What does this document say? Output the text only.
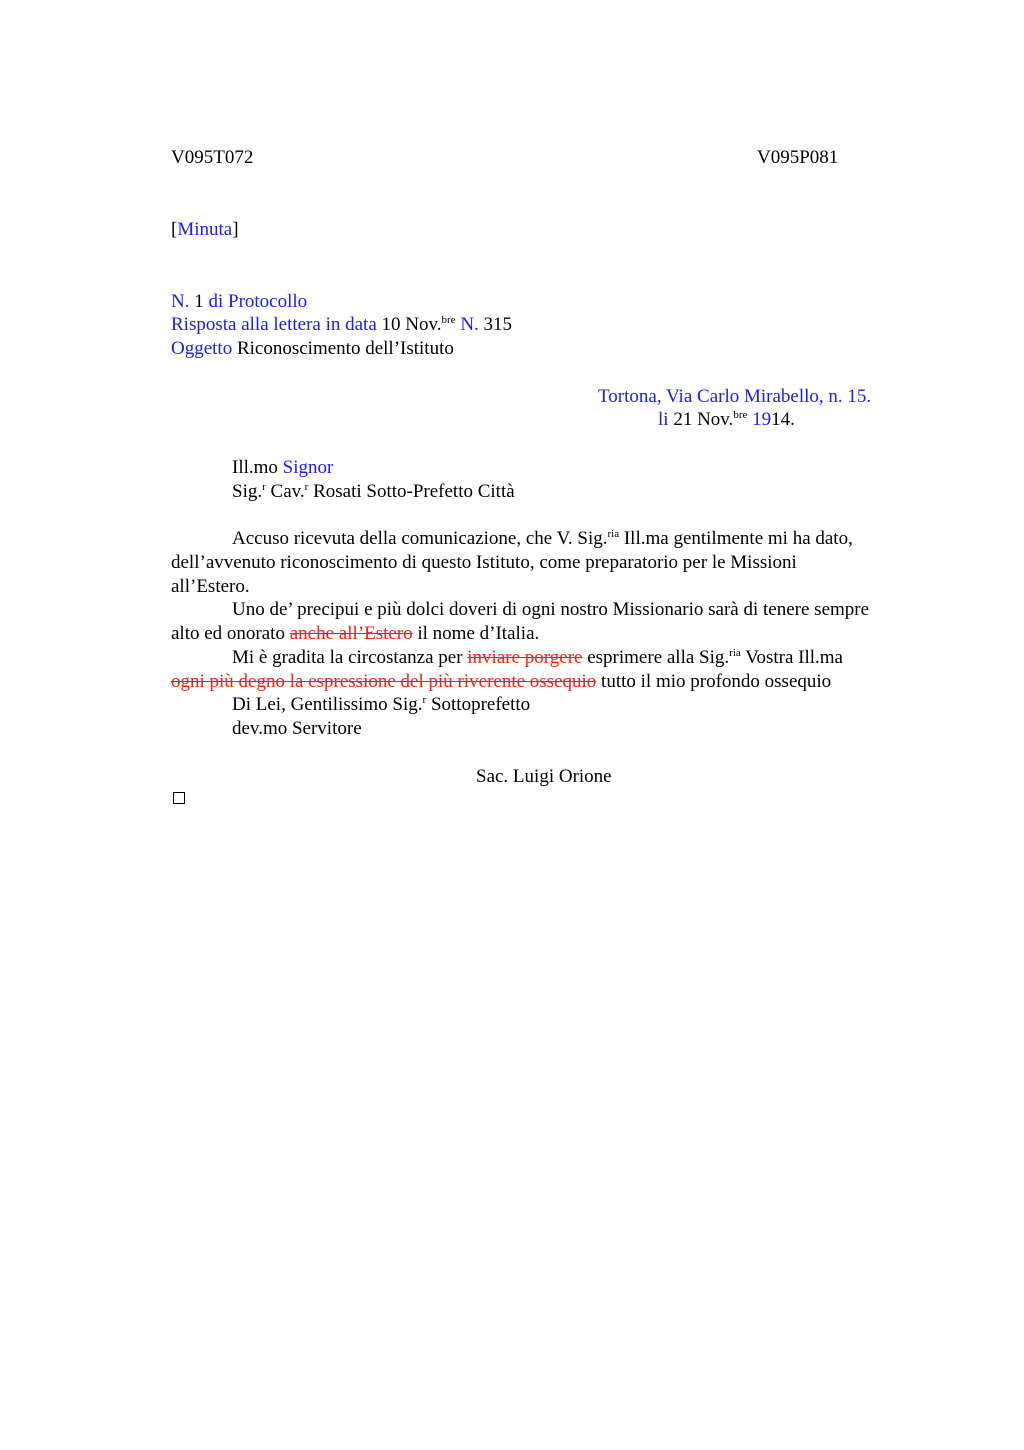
V095T072	V095P081
[Minuta]
N. 1 di Protocollo
Risposta alla lettera in data 10 Nov.$^{bre}$ N. 315
Oggetto Riconoscimento dell’Istituto
Tortona, Via Carlo Mirabello, n. 15.
li 21 Nov.$^{bre}$ 1914.
Ill.mo Signor
Sig.$^r$ Cav.$^r$ Rosati Sotto-Prefetto Città
Accuso ricevuta della comunicazione, che V. Sig.$^{ria}$ Ill.ma gentilmente mi ha dato,
dell’avvenuto riconoscimento di questo Istituto, come preparatorio per le Missioni
all’Estero.
Uno de’ precipui e più dolci doveri di ogni nostro Missionario sarà di tenere sempre
alto ed onorato anche all’Estero il nome d’Italia.
Mi è gradita la circostanza per inviare porgere esprimere alla Sig.$^{ria}$ Vostra Ill.ma
ogni più degno la espressione del più riverente ossequio tutto il mio profondo ossequio
Di Lei, Gentilissimo Sig.$^r$ Sottoprefetto
dev.mo Servitore
Sac. Luigi Orione
